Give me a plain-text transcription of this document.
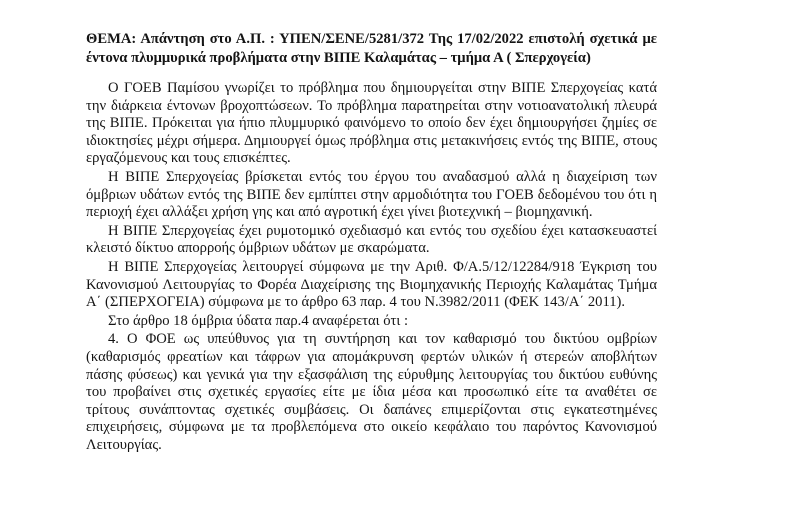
ΘΕΜΑ: Απάντηση στο Α.Π. : ΥΠΕΝ/ΣΕΝΕ/5281/372 Της 17/02/2022 επιστολή σχετικά με έντονα πλυμμυρικά προβλήματα στην ΒΙΠΕ Καλαμάτας – τμήμα Α ( Σπερχογεία)

Ο ΓΟΕΒ Παμίσου γνωρίζει το πρόβλημα που δημιουργείται στην ΒΙΠΕ Σπερχογείας κατά την διάρκεια έντονων βροχοπτώσεων. Το πρόβλημα παρατηρείται στην νοτιοανατολική πλευρά της ΒΙΠΕ. Πρόκειται για ήπιο πλυμμυρικό φαινόμενο το οποίο δεν έχει δημιουργήσει ζημίες σε ιδιοκτησίες μέχρι σήμερα. Δημιουργεί όμως πρόβλημα στις μετακινήσεις εντός της ΒΙΠΕ, στους εργαζόμενους και τους επισκέπτες.

Η ΒΙΠΕ Σπερχογείας βρίσκεται εντός του έργου του αναδασμού αλλά η διαχείριση των όμβριων υδάτων εντός της ΒΙΠΕ δεν εμπίπτει στην αρμοδιότητα του ΓΟΕΒ δεδομένου του ότι η περιοχή έχει αλλάξει χρήση γης και από αγροτική έχει γίνει βιοτεχνική – βιομηχανική.

Η ΒΙΠΕ Σπερχογείας έχει ρυμοτομικό σχεδιασμό και εντός του σχεδίου έχει κατασκευαστεί κλειστό δίκτυο απορροής όμβριων υδάτων με σκαρώματα.

Η ΒΙΠΕ Σπερχογείας λειτουργεί σύμφωνα με την Αριθ. Φ/Α.5/12/12284/918 Έγκριση του Κανονισμού Λειτουργίας το Φορέα Διαχείρισης της Βιομηχανικής Περιοχής Καλαμάτας Τμήμα Α΄ (ΣΠΕΡΧΟΓΕΙΑ) σύμφωνα με το άρθρο 63 παρ. 4 του Ν.3982/2011 (ΦΕΚ 143/Α΄ 2011).

Στο άρθρο 18 όμβρια ύδατα παρ.4 αναφέρεται ότι :

4. Ο ΦΟΕ ως υπεύθυνος για τη συντήρηση και τον καθαρισμό του δικτύου ομβρίων (καθαρισμός φρεατίων και τάφρων για απομάκρυνση φερτών υλικών ή στερεών αποβλήτων πάσης φύσεως) και γενικά για την εξασφάλιση της εύρυθμης λειτουργίας του δικτύου ευθύνης του προβαίνει στις σχετικές εργασίες είτε με ίδια μέσα και προσωπικό είτε τα αναθέτει σε τρίτους συνάπτοντας σχετικές συμβάσεις. Οι δαπάνες επιμερίζονται στις εγκατεστημένες επιχειρήσεις, σύμφωνα με τα προβλεπόμενα στο οικείο κεφάλαιο του παρόντος Κανονισμού Λειτουργίας.
